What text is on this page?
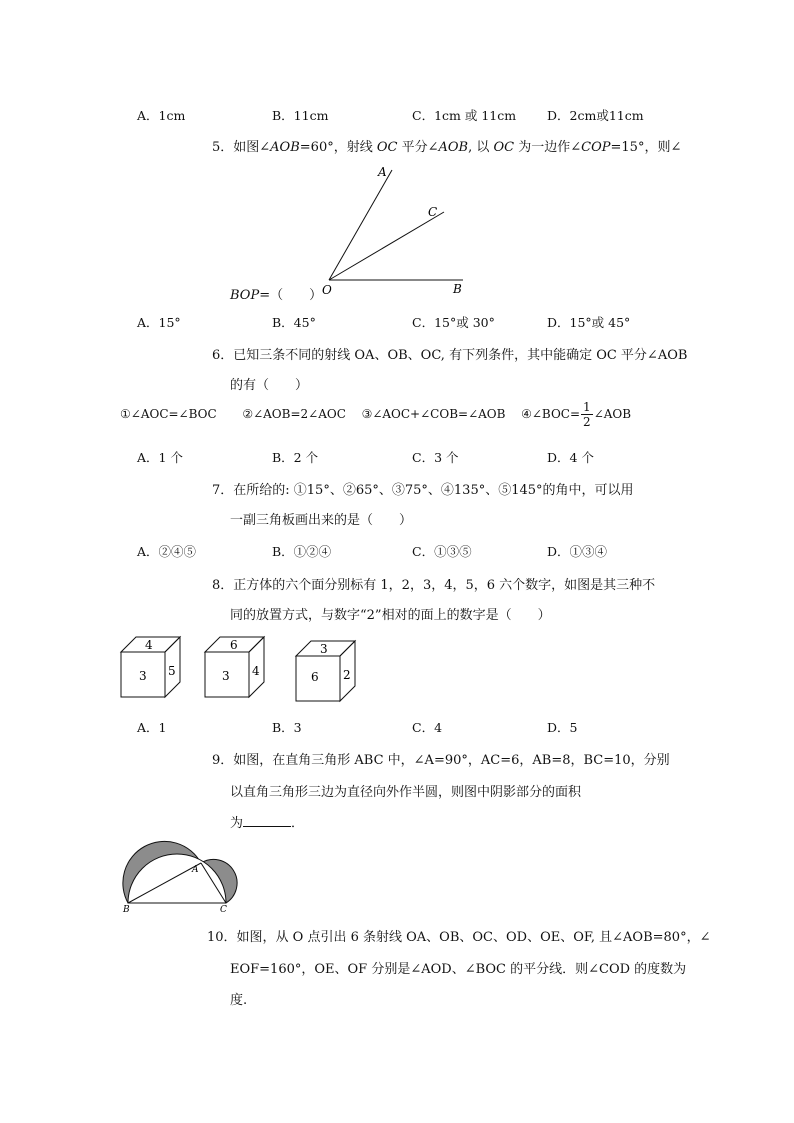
A．1cm	B．11cm	C．1cm 或 11cm D．2cm或11cm
5．如图∠AOB=60°，射线 OC 平分∠AOB, 以 OC 为一边作∠COP=15°，则∠
A
C
O	B
BOP=（　　）
A．15°	B．45°	C．15°或 30°	D．15°或 45°
6．已知三条不同的射线 OA、OB、OC, 有下列条件，其中能确定 OC 平分∠AOB
的有（　　）
①∠AOC=∠BOC ②∠AOB=2∠AOC ③∠AOC+∠COB=∠AOB ④∠BOC= $\frac{1}{2}$ ∠AOB
A．1 个	B．2 个	C．3 个	D．4 个
7．在所给的: ①15°、②65°、③75°、④135°、⑤145°的角中，可以用
一副三角板画出来的是（　　）
A．②④⑤	B．①②④	C．①③⑤	D．①③④
8．正方体的六个面分别标有 1，2，3，4，5，6 六个数字，如图是其三种不
同的放置方式，与数字“2”相对的面上的数字是（　　）
4
3 5
6
3 4
3
6 2
A．1	B．3	C．4	D．5
9．如图，在直角三角形 ABC 中，∠A=90°，AC=6，AB=8，BC=10，分别
以直角三角形三边为直径向外作半圆，则图中阴影部分的面积
为	．
A
B	C
10．如图，从 O 点引出 6 条射线 OA、OB、OC、OD、OE、OF, 且∠AOB=80°，∠
EOF=160°，OE、OF 分别是∠AOD、∠BOC 的平分线．则∠COD 的度数为
度.
